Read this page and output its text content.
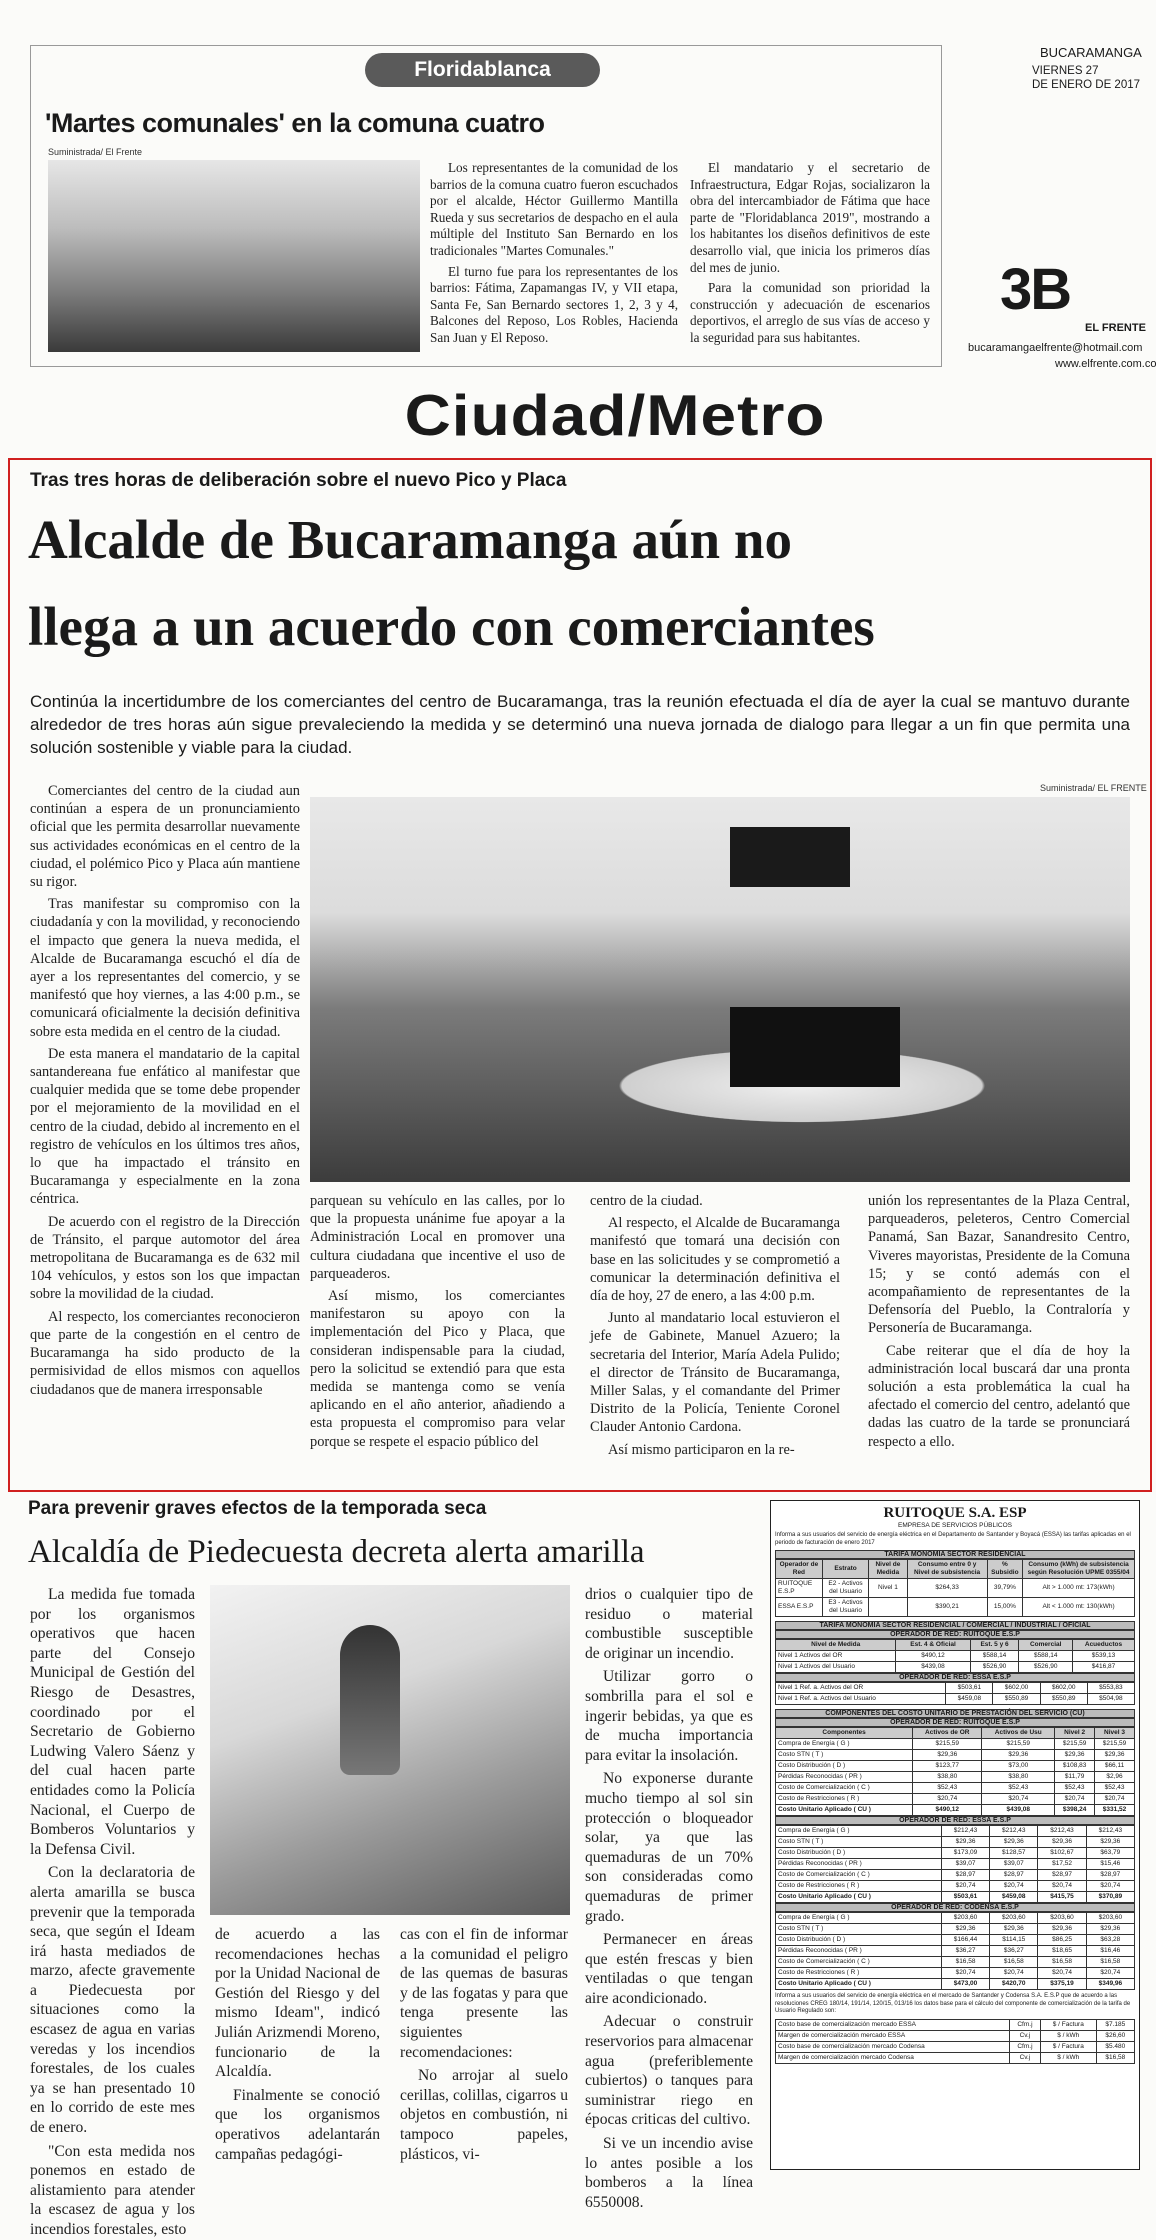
Floridablanca
'Martes comunales' en la comuna cuatro
Suministrada/ El Frente

Los representantes de la comunidad de los barrios de la comuna cuatro fueron escuchados por el alcalde, Héctor Guillermo Mantilla Rueda y sus secretarios de despacho en el aula múltiple del Instituto San Bernardo en los tradicionales "Martes Comunales."

El turno fue para los representantes de los barrios: Fátima, Zapamangas IV, y VII etapa, Santa Fe, San Bernardo sectores 1, 2, 3 y 4, Balcones del Reposo, Los Robles, Hacienda San Juan y El Reposo.

El mandatario y el secretario de Infraestructura, Edgar Rojas, socializaron la obra del intercambiador de Fátima que hace parte de "Floridablanca 2019", mostrando a los habitantes los diseños definitivos de este desarrollo vial, que inicia los primeros días del mes de junio.

Para la comunidad son prioridad la construcción y adecuación de escenarios deportivos, el arreglo de sus vías de acceso y la seguridad para sus habitantes.

BUCARAMANGA
VIERNES 27
DE ENERO DE 2017
3B
EL FRENTE
bucaramangaelfrente@hotmail.com
www.elfrente.com.co
Ciudad/Metro
Tras tres horas de deliberación sobre el nuevo Pico y Placa
Alcalde de Bucaramanga aún no
llega a un acuerdo con comerciantes
Continúa la incertidumbre de los comerciantes del centro de Bucaramanga, tras la reunión efectuada el día de ayer la cual se mantuvo durante alrededor de tres horas aún sigue prevaleciendo la medida y se determinó una nueva jornada de dialogo para llegar a un fin que permita una solución sostenible y viable para la ciudad.
Suministrada/ EL FRENTE

Comerciantes del centro de la ciudad aun continúan a espera de un pronunciamiento oficial que les permita desarrollar nuevamente sus actividades económicas en el centro de la ciudad, el polémico Pico y Placa aún mantiene su rigor.

Tras manifestar su compromiso con la ciudadanía y con la movilidad, y reconociendo el impacto que genera la nueva medida, el Alcalde de Bucaramanga escuchó el día de ayer a los representantes del comercio, y se manifestó que hoy viernes, a las 4:00 p.m., se comunicará oficialmente la decisión definitiva sobre esta medida en el centro de la ciudad.

De esta manera el mandatario de la capital santandereana fue enfático al manifestar que cualquier medida que se tome debe propender por el mejoramiento de la movilidad en el centro de la ciudad, debido al incremento en el registro de vehículos en los últimos tres años, lo que ha impactado el tránsito en Bucaramanga y especialmente en la zona céntrica.

De acuerdo con el registro de la Dirección de Tránsito, el parque automotor del área metropolitana de Bucaramanga es de 632 mil 104 vehículos, y estos son los que impactan sobre la movilidad de la ciudad.

Al respecto, los comerciantes reconocieron que parte de la congestión en el centro de Bucaramanga ha sido producto de la permisividad de ellos mismos con aquellos ciudadanos que de manera irresponsable

parquean su vehículo en las calles, por lo que la propuesta unánime fue apoyar a la Administración Local en promover una cultura ciudadana que incentive el uso de parqueaderos.

Así mismo, los comerciantes manifestaron su apoyo con la implementación del Pico y Placa, que consideran indispensable para la ciudad, pero la solicitud se extendió para que esta medida se mantenga como se venía aplicando en el año anterior, añadiendo a esta propuesta el compromiso para velar porque se respete el espacio público del

centro de la ciudad.

Al respecto, el Alcalde de Bucaramanga manifestó que tomará una decisión con base en las solicitudes y se comprometió a comunicar la determinación definitiva el día de hoy, 27 de enero, a las 4:00 p.m.

Junto al mandatario local estuvieron el jefe de Gabinete, Manuel Azuero; la secretaria del Interior, María Adela Pulido; el director de Tránsito de Bucaramanga, Miller Salas, y el comandante del Primer Distrito de la Policía, Teniente Coronel Clauder Antonio Cardona.

Así mismo participaron en la re-

unión los representantes de la Plaza Central, parqueaderos, peleteros, Centro Comercial Panamá, San Bazar, Sanandresito Centro, Viveres mayoristas, Presidente de la Comuna 15; y se contó además con el acompañamiento de representantes de la Defensoría del Pueblo, la Contraloría y Personería de Bucaramanga.

Cabe reiterar que el día de hoy la administración local buscará dar una pronta solución a esta problemática la cual ha afectado el comercio del centro, adelantó que dadas las cuatro de la tarde se pronunciará respecto a ello.

Para prevenir graves efectos de la temporada seca
Alcaldía de Piedecuesta decreta alerta amarilla

La medida fue tomada por los organismos operativos que hacen parte del Consejo Municipal de Gestión del Riesgo de Desastres, coordinado por el Secretario de Gobierno Ludwing Valero Sáenz y del cual hacen parte entidades como la Policía Nacional, el Cuerpo de Bomberos Voluntarios y la Defensa Civil.

Con la declaratoria de alerta amarilla se busca prevenir que la temporada seca, que según el Ideam irá hasta mediados de marzo, afecte gravemente a Piedecuesta por situaciones como la escasez de agua en varias veredas y los incendios forestales, de los cuales ya se han presentado 10 en lo corrido de este mes de enero.

"Con esta medida nos ponemos en estado de alistamiento para atender la escasez de agua y los incendios forestales, esto

de acuerdo a las recomendaciones hechas por la Unidad Nacional de Gestión del Riesgo y del mismo Ideam", indicó Julián Arizmendi Moreno, funcionario de la Alcaldía.

Finalmente se conoció que los organismos operativos adelantarán campañas pedagógi-

cas con el fin de informar a la comunidad el peligro de las quemas de basuras y de las fogatas y para que tenga presente las siguientes recomendaciones:

No arrojar al suelo cerillas, colillas, cigarros u objetos en combustión, ni tampoco papeles, plásticos, vi-

drios o cualquier tipo de residuo o material combustible susceptible de originar un incendio.

Utilizar gorro o sombrilla para el sol e ingerir bebidas, ya que es de mucha importancia para evitar la insolación.

No exponerse durante mucho tiempo al sol sin protección o bloqueador solar, ya que las quemaduras de un 70% son consideradas como quemaduras de primer grado.

Permanecer en áreas que estén frescas y bien ventiladas o que tengan aire acondicionado.

Adecuar o construir reservorios para almacenar agua (preferiblemente cubiertos) o tanques para suministrar riego en épocas criticas del cultivo.

Si ve un incendio avise lo antes posible a los bomberos a la línea 6550008.

RUITOQUE S.A. ESP
EMPRESA DE SERVICIOS PÚBLICOS
Informa a sus usuarios del servicio de energía eléctrica en el Departamento de Santander y Boyacá (ESSA) las tarifas aplicadas en el periodo de facturación de enero 2017
TARIFA MONOMIA SECTOR RESIDENCIAL
Operador de Red	Estrato	Nivel de Medida	Consumo entre 0 y Nivel de subsistencia	% Subsidio	Consumo (kWh) de subsistencia según Resolución UPME 0355/04
RUITOQUE E.S.P	E2 - Activos del Usuario	Nivel 1	$264,33	39,79%	Alt > 1.000 mt: 173(kWh)
ESSA E.S.P	E3 - Activos del Usuario		$390,21	15,00%	Alt < 1.000 mt: 130(kWh)
TARIFA MONOMIA SECTOR RESIDENCIAL / COMERCIAL / INDUSTRIAL / OFICIAL
OPERADOR DE RED: RUITOQUE E.S.P
Nivel de Medida	Est. 4 & Oficial	Est. 5 y 6	Comercial	Acueductos
Nivel 1 Activos del OR	$490,12	$588,14	$588,14	$539,13
Nivel 1 Activos del Usuario	$439,08	$526,90	$526,90	$416,87
OPERADOR DE RED: ESSA E.S.P
Nivel 1 Ref. a. Activos del OR	$503,61	$602,00	$602,00	$553,83
Nivel 1 Ref. a. Activos del Usuario	$459,08	$550,89	$550,89	$504,98
COMPONENTES DEL COSTO UNITARIO DE PRESTACIÓN DEL SERVICIO (CU)
OPERADOR DE RED: RUITOQUE E.S.P
Componentes	Activos de OR	Activos de Usu	Nivel 2	Nivel 3
Compra de Energía ( G )	$215,59	$215,59	$215,59	$215,59
Costo STN ( T )	$29,36	$29,36	$29,36	$29,36
Costo Distribución ( D )	$123,77	$73,00	$108,83	$66,11
Pérdidas Reconocidas ( PR )	$38,80	$38,80	$11,79	$2,96
Costo de Comercialización ( C )	$52,43	$52,43	$52,43	$52,43
Costo de Restricciones ( R )	$20,74	$20,74	$20,74	$20,74
Costo Unitario Aplicado ( CU )	$490,12	$439,08	$398,24	$331,52
OPERADOR DE RED: ESSA E.S.P
Compra de Energía ( G )	$212,43	$212,43	$212,43	$212,43
Costo STN ( T )	$29,36	$29,36	$29,36	$29,36
Costo Distribución ( D )	$173,09	$128,57	$102,67	$63,79
Pérdidas Reconocidas ( PR )	$39,07	$39,07	$17,52	$15,46
Costo de Comercialización ( C )	$28,97	$28,97	$28,97	$28,97
Costo de Restricciones ( R )	$20,74	$20,74	$20,74	$20,74
Costo Unitario Aplicado ( CU )	$503,61	$459,08	$415,75	$370,89
OPERADOR DE RED: CODENSA E.S.P
Compra de Energía ( G )	$203,60	$203,60	$203,60	$203,60
Costo STN ( T )	$29,36	$29,36	$29,36	$29,36
Costo Distribución ( D )	$166,44	$114,15	$86,25	$63,28
Pérdidas Reconocidas ( PR )	$36,27	$36,27	$18,65	$16,46
Costo de Comercialización ( C )	$16,58	$16,58	$16,58	$16,58
Costo de Restricciones ( R )	$20,74	$20,74	$20,74	$20,74
Costo Unitario Aplicado ( CU )	$473,00	$420,70	$375,19	$349,96
Informa a sus usuarios del servicio de energía eléctrica en el mercado de Santander y Codensa S.A. E.S.P que de acuerdo a las resoluciones CREG 180/14, 191/14, 120/15, 013/16 los datos base para el cálculo del componente de comercialización de la tarifa de Usuario Regulado son:
Costo base de comercialización mercado ESSA	Cfm.j	$ / Factura	$7.185
Margen de comercialización mercado ESSA	Cv.j	$ / kWh	$26,60
Costo base de comercialización mercado Codensa	Cfm.j	$ / Factura	$5.480
Margen de comercialización mercado Codensa	Cv.j	$ / kWh	$16,58
